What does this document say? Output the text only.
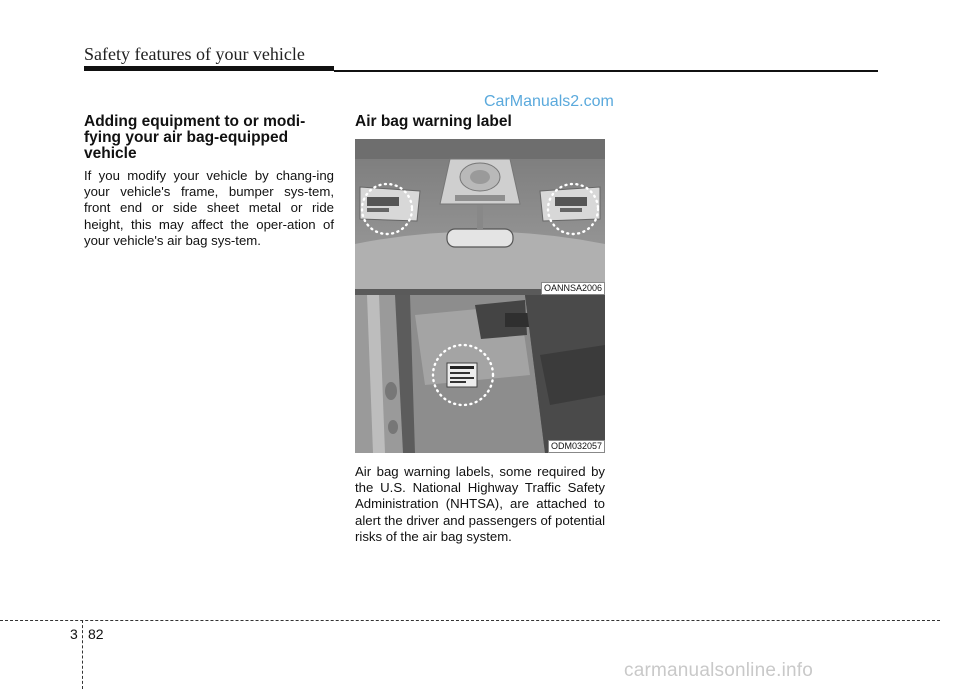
Safety features of your vehicle
CarManuals2.com
Adding equipment to or modi-fying your air bag-equipped vehicle
If you modify your vehicle by chang-ing your vehicle's frame, bumper sys-tem, front end or side sheet metal or ride height, this may affect the oper-ation of your vehicle's air bag sys-tem.
Air bag warning label
OANNSA2006
ODM032057
Air bag warning labels, some required by the U.S. National Highway Traffic Safety Administration (NHTSA), are attached to alert the driver and passengers of potential risks of the air bag system.
3 82
carmanualsonline.info
